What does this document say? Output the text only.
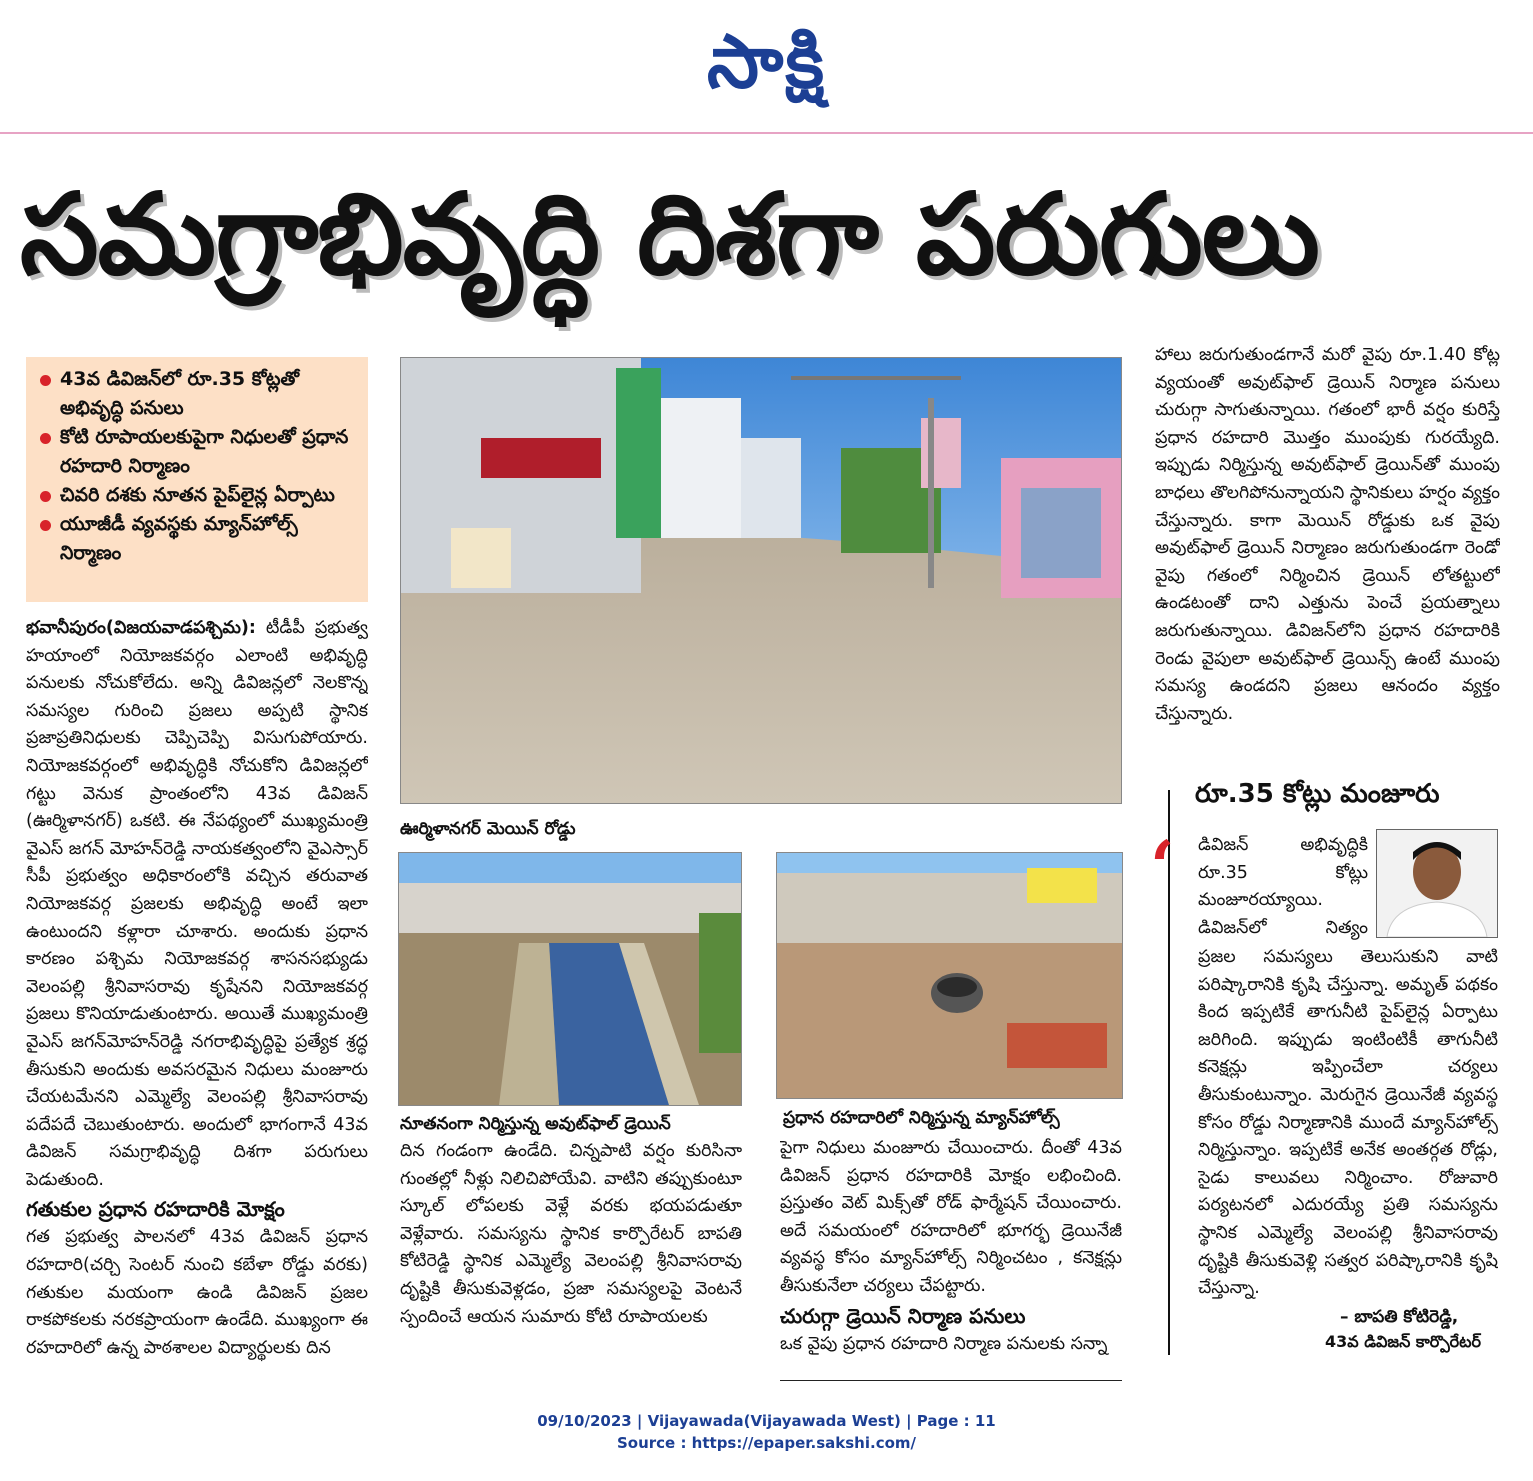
సాక్షి
సమగ్రాభివృద్ధి దిశగా పరుగులు
43వ డివిజన్‌లో రూ.35 కోట్లతో అభివృద్ధి పనులు
కోటి రూపాయలకుపైగా నిధులతో ప్రధాన రహదారి నిర్మాణం
చివరి దశకు నూతన పైప్‌లైన్ల ఏర్పాటు
యూజీడీ వ్యవస్థకు మ్యాన్‌హోల్స్ నిర్మాణం

భవానీపురం(విజయవాడపశ్చిమ): టీడీపీ ప్రభుత్వ హయాంలో నియోజకవర్గం ఎలాంటి అభివృద్ధి పనులకు నోచుకోలేదు. అన్ని డివిజన్లలో నెలకొన్న సమస్యల గురించి ప్రజలు అప్పటి స్థానిక ప్రజాప్రతినిధులకు చెప్పిచెప్పి విసుగుపోయారు. నియోజకవర్గంలో అభివృద్ధికి నోచుకోని డివిజన్లలో గట్టు వెనుక ప్రాంతంలోని 43వ డివిజన్ (ఊర్మిళానగర్) ఒకటి. ఈ నేపథ్యంలో ముఖ్యమంత్రి వైఎస్ జగన్ మోహన్‌రెడ్డి నాయకత్వంలోని వైఎస్సార్ సీపీ ప్రభుత్వం అధికారంలోకి వచ్చిన తరువాత నియోజకవర్గ ప్రజలకు అభివృద్ధి అంటే ఇలా ఉంటుందని కళ్లారా చూశారు. అందుకు ప్రధాన కారణం పశ్చిమ నియోజకవర్గ శాసనసభ్యుడు వెలంపల్లి శ్రీనివాసరావు కృషేనని నియోజకవర్గ ప్రజలు కొనియాడుతుంటారు. అయితే ముఖ్యమంత్రి వైఎస్ జగన్‌మోహన్‌రెడ్డి నగరాభివృద్ధిపై ప్రత్యేక శ్రద్ధ తీసుకుని అందుకు అవసరమైన నిధులు మంజూరు చేయటమేనని ఎమ్మెల్యే వెలంపల్లి శ్రీనివాసరావు పదేపదే చెబుతుంటారు. అందులో భాగంగానే 43వ డివిజన్ సమగ్రాభివృద్ధి దిశగా పరుగులు పెడుతుంది.

గతుకుల ప్రధాన రహదారికి మోక్షం

గత ప్రభుత్వ పాలనలో 43వ డివిజన్ ప్రధాన రహదారి(చర్చి సెంటర్ నుంచి కబేళా రోడ్డు వరకు) గతుకుల మయంగా ఉండి డివిజన్ ప్రజల రాకపోకలకు నరకప్రాయంగా ఉండేది. ముఖ్యంగా ఈ రహదారిలో ఉన్న పాఠశాలల విద్యార్థులకు దిన

ఊర్మిళానగర్ మెయిన్ రోడ్డు
నూతనంగా నిర్మిస్తున్న అవుట్‌ఫాల్ డ్రెయిన్	ప్రధాన రహదారిలో నిర్మిస్తున్న మ్యాన్‌హోల్స్
దిన గండంగా ఉండేది. చిన్నపాటి వర్షం కురిసినా గుంతల్లో నీళ్లు నిలిచిపోయేవి. వాటిని తప్పుకుంటూ స్కూల్ లోపలకు వెళ్లే వరకు భయపడుతూ వెళ్లేవారు. సమస్యను స్థానిక కార్పొరేటర్ బాపతి కోటిరెడ్డి స్థానిక ఎమ్మెల్యే వెలంపల్లి శ్రీనివాసరావు దృష్టికి తీసుకువెళ్లడం, ప్రజా సమస్యలపై వెంటనే స్పందించే ఆయన సుమారు కోటి రూపాయలకు

పైగా నిధులు మంజూరు చేయించారు. దీంతో 43వ డివిజన్ ప్రధాన రహదారికి మోక్షం లభించింది. ప్రస్తుతం వెట్ మిక్స్‌తో రోడ్ ఫార్మేషన్ చేయించారు. అదే సమయంలో రహదారిలో భూగర్భ డ్రెయినేజీ వ్యవస్థ కోసం మ్యాన్‌హోల్స్ నిర్మించటం , కనెక్షన్లు తీసుకునేలా చర్యలు చేపట్టారు.

చురుగ్గా డ్రెయిన్ నిర్మాణ పనులు

ఒక వైపు ప్రధాన రహదారి నిర్మాణ పనులకు సన్నా

హాలు జరుగుతుండగానే మరో వైపు రూ.1.40 కోట్ల వ్యయంతో అవుట్‌ఫాల్ డ్రెయిన్ నిర్మాణ పనులు చురుగ్గా సాగుతున్నాయి. గతంలో భారీ వర్షం కురిస్తే ప్రధాన రహదారి మొత్తం ముంపుకు గురయ్యేది. ఇప్పుడు నిర్మిస్తున్న అవుట్‌ఫాల్ డ్రెయిన్‌తో ముంపు బాధలు తొలగిపోనున్నాయని స్థానికులు హర్షం వ్యక్తం చేస్తున్నారు. కాగా మెయిన్ రోడ్డుకు ఒక వైపు అవుట్‌ఫాల్ డ్రెయిన్ నిర్మాణం జరుగుతుండగా రెండో వైపు గతంలో నిర్మించిన డ్రెయిన్ లోతట్టులో ఉండటంతో దాని ఎత్తును పెంచే ప్రయత్నాలు జరుగుతున్నాయి. డివిజన్‌లోని ప్రధాన రహదారికి రెండు వైపులా అవుట్‌ఫాల్ డ్రెయిన్స్ ఉంటే ముంపు సమస్య ఉండదని ప్రజలు ఆనందం వ్యక్తం చేస్తున్నారు.
రూ.35 కోట్లు మంజూరు
‘ డివిజన్ అభివృద్ధికి రూ.35 కోట్లు మంజూరయ్యాయి. డివిజన్‌లో నిత్యం
ప్రజల సమస్యలు తెలుసుకుని వాటి పరిష్కారానికి కృషి చేస్తున్నా. అమృత్ పథకం కింద ఇప్పటికే తాగునీటి పైప్‌లైన్ల ఏర్పాటు జరిగింది. ఇప్పుడు ఇంటింటికీ తాగునీటి కనెక్షన్లు ఇప్పించేలా చర్యలు తీసుకుంటున్నాం. మెరుగైన డ్రెయినేజీ వ్యవస్థ కోసం రోడ్డు నిర్మాణానికి ముందే మ్యాన్‌హోల్స్ నిర్మిస్తున్నాం. ఇప్పటికే అనేక అంతర్గత రోడ్లు, సైడు కాలువలు నిర్మించాం. రోజువారి పర్యటనలో ఎదురయ్యే ప్రతి సమస్యను స్థానిక ఎమ్మెల్యే వెలంపల్లి శ్రీనివాసరావు దృష్టికి తీసుకువెళ్లి సత్వర పరిష్కారానికి కృషి చేస్తున్నా.
– బాపతి కోటిరెడ్డి,
43వ డివిజన్ కార్పొరేటర్
09/10/2023 | Vijayawada(Vijayawada West) | Page : 11
Source : https://epaper.sakshi.com/
